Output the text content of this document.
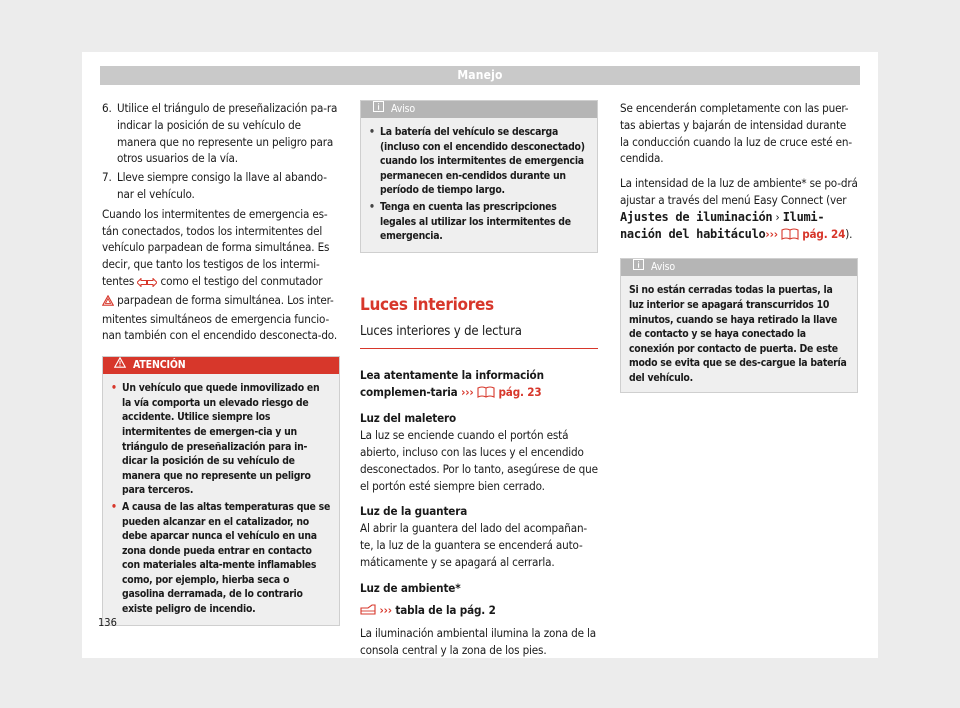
Manejo
6. Utilice el triángulo de preseñalización pa-ra indicar la posición de su vehículo de manera que no represente un peligro para otros usuarios de la vía.
7. Lleve siempre consigo la llave al abando-nar el vehículo.

Cuando los intermitentes de emergencia es-tán conectados, todos los intermitentes del vehículo parpadean de forma simultánea. Es decir, que tanto los testigos de los intermi-tentes como el testigo del conmutador
parpadean de forma simultánea. Los inter-mitentes simultáneos de emergencia funcio-nan también con el encendido desconecta-do.

ATENCIÓN
• Un vehículo que quede inmovilizado en la vía comporta un elevado riesgo de accidente. Utilice siempre los intermitentes de emergen-cia y un triángulo de preseñalización para in-dicar la posición de su vehículo de manera que no represente un peligro para terceros.
• A causa de las altas temperaturas que se pueden alcanzar en el catalizador, no debe aparcar nunca el vehículo en una zona donde pueda entrar en contacto con materiales alta-mente inflamables como, por ejemplo, hierba seca o gasolina derramada, de lo contrario existe peligro de incendio.
Aviso
• La batería del vehículo se descarga (incluso con el encendido desconectado) cuando los intermitentes de emergencia permanecen en-cendidos durante un período de tiempo largo.
• Tenga en cuenta las prescripciones legales al utilizar los intermitentes de emergencia.
Luces interiores
Luces interiores y de lectura

Lea atentamente la información complemen-taria ››› pág. 23

Luz del maletero
La luz se enciende cuando el portón está abierto, incluso con las luces y el encendido desconectados. Por lo tanto, asegúrese de que el portón esté siempre bien cerrado.

Luz de la guantera
Al abrir la guantera del lado del acompañan-te, la luz de la guantera se encenderá auto-máticamente y se apagará al cerrarla.

Luz de ambiente*

››› tabla de la pág. 2

La iluminación ambiental ilumina la zona de la consola central y la zona de los pies.

Se encenderán completamente con las puer-tas abiertas y bajarán de intensidad durante la conducción cuando la luz de cruce esté en-cendida.

La intensidad de la luz de ambiente* se po-drá ajustar a través del menú Easy Connect (ver Ajustes de iluminación › Ilumi-nación del habitáculo››› pág. 24).

Aviso
Si no están cerradas todas la puertas, la luz interior se apagará transcurridos 10 minutos, cuando se haya retirado la llave de contacto y se haya conectado la conexión por contacto de puerta. De este modo se evita que se des-cargue la batería del vehículo.
136
